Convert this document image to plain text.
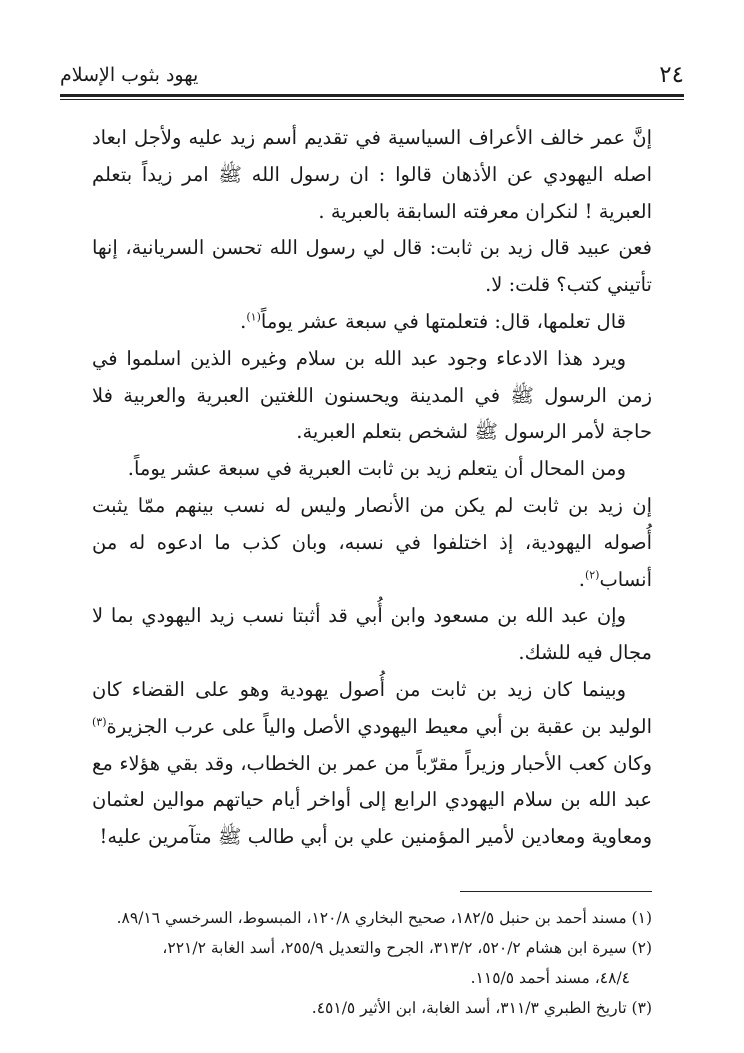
٢٤
يهود بثوب الإسلام

إنَّ عمر خالف الأعراف السياسية في تقديم أسم زيد عليه ولأجل ابعاد اصله اليهودي عن الأذهان قالوا : ان رسول الله ﷺ امر زيداً بتعلم العبرية ! لنكران معرفته السابقة بالعبرية .

فعن عبيد قال زيد بن ثابت: قال لي رسول الله تحسن السريانية، إنها تأتيني كتب؟ قلت: لا.

قال تعلمها، قال: فتعلمتها في سبعة عشر يوماً$^{(١)}$.

ويرد هذا الادعاء وجود عبد الله بن سلام وغيره الذين اسلموا في زمن الرسول ﷺ في المدينة ويحسنون اللغتين العبرية والعربية فلا حاجة لأمر الرسول ﷺ لشخص بتعلم العبرية.

ومن المحال أن يتعلم زيد بن ثابت العبرية في سبعة عشر يوماً.

إن زيد بن ثابت لم يكن من الأنصار وليس له نسب بينهم ممّا يثبت أُصوله اليهودية، إذ اختلفوا في نسبه، وبان كذب ما ادعوه له من أنساب$^{(٢)}$.

وإن عبد الله بن مسعود وابن أُبي قد أثبتا نسب زيد اليهودي بما لا مجال فيه للشك.

وبينما كان زيد بن ثابت من أُصول يهودية وهو على القضاء كان الوليد بن عقبة بن أبي معيط اليهودي الأصل والياً على عرب الجزيرة$^{(٣)}$ وكان كعب الأحبار وزيراً مقرّباً من عمر بن الخطاب، وقد بقي هؤلاء مع عبد الله بن سلام اليهودي الرابع إلى أواخر أيام حياتهم موالين لعثمان ومعاوية ومعادين لأمير المؤمنين علي بن أبي طالب ﷺ متآمرين عليه!

(١) مسند أحمد بن حنبل ١٨٢/٥، صحيح البخاري ١٢٠/٨، المبسوط، السرخسي ٨٩/١٦.

(٢) سيرة ابن هشام ٥٢٠/٢، ٣١٣/٢، الجرح والتعديل ٢٥٥/٩، أسد الغابة ٢٢١/٢،

٤٨/٤، مسند أحمد ١١٥/٥.

(٣) تاريخ الطبري ٣١١/٣، أسد الغابة، ابن الأثير ٤٥١/٥.
